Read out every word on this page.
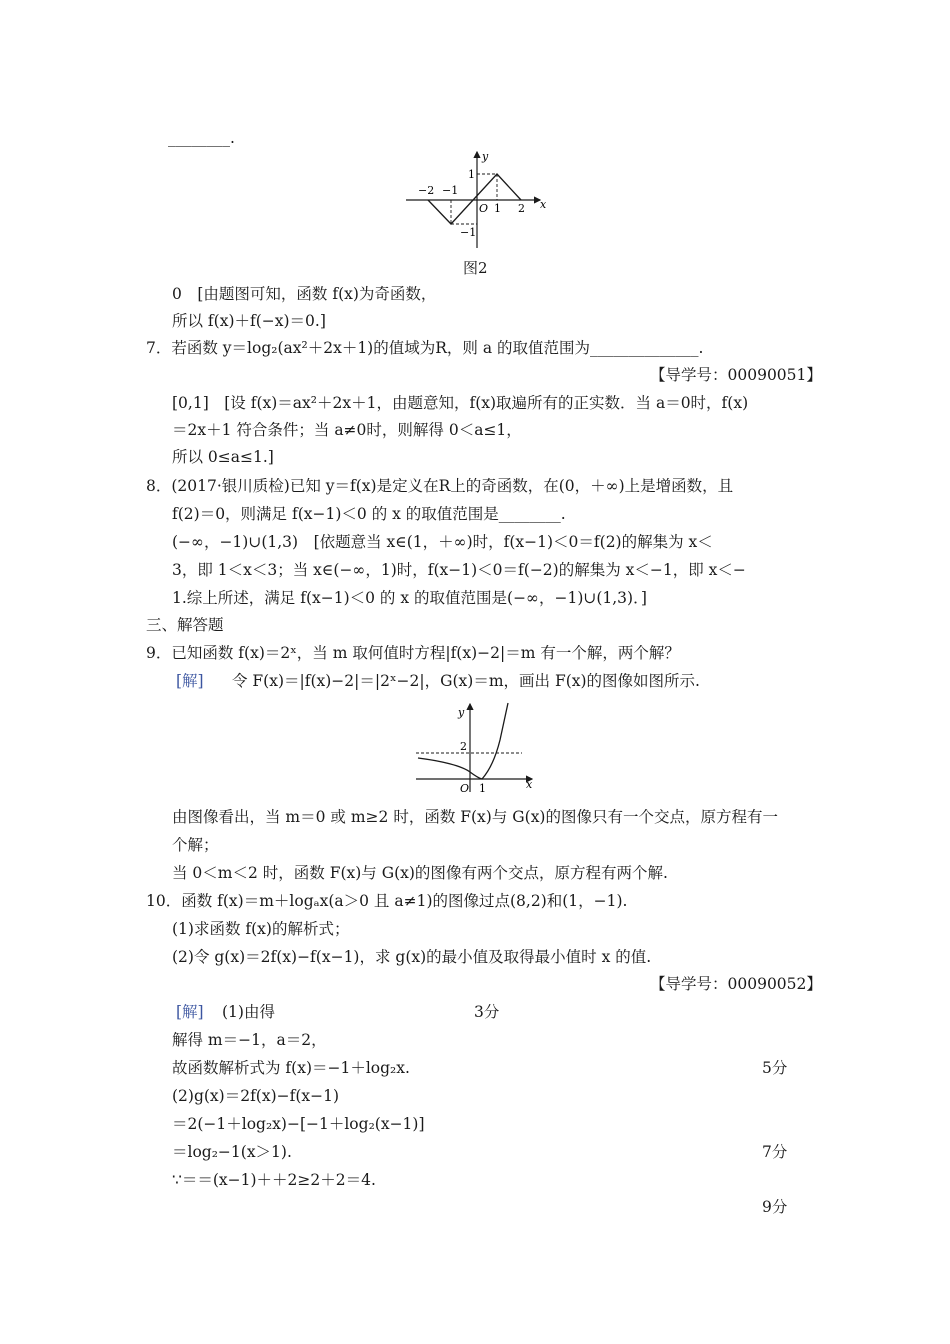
________.
y
x
O
−2 −1
1 2
1
−1
图2
0　[由题图可知，函数 f(x)为奇函数，
所以 f(x)＋f(−x)＝0.]
7．若函数 y＝log₂(ax²＋2x＋1)的值域为R，则 a 的取值范围为______________.
【导学号：00090051】
[0,1]　[设 f(x)＝ax²＋2x＋1，由题意知，f(x)取遍所有的正实数．当 a＝0时，f(x)
＝2x＋1 符合条件；当 a≠0时，则解得 0＜a≤1，
所以 0≤a≤1.]
8．(2017·银川质检)已知 y＝f(x)是定义在R上的奇函数，在(0，＋∞)上是增函数，且
f(2)＝0，则满足 f(x−1)＜0 的 x 的取值范围是________.
(−∞，−1)∪(1,3)　[依题意当 x∈(1，＋∞)时，f(x−1)＜0＝f(2)的解集为 x＜
3，即 1＜x＜3；当 x∈(−∞，1)时，f(x−1)＜0＝f(−2)的解集为 x＜−1，即 x＜−
1.综上所述，满足 f(x−1)＜0 的 x 的取值范围是(−∞，−1)∪(1,3)．]
三、解答题
9．已知函数 f(x)＝2ˣ，当 m 取何值时方程|f(x)−2|＝m 有一个解，两个解？
[解] 令 F(x)＝|f(x)−2|＝|2ˣ−2|，G(x)＝m，画出 F(x)的图像如图所示.
y
x
O
2
1
由图像看出，当 m＝0 或 m≥2 时，函数 F(x)与 G(x)的图像只有一个交点，原方程有一
个解；
当 0＜m＜2 时，函数 F(x)与 G(x)的图像有两个交点，原方程有两个解.
10．函数 f(x)＝m＋logₐx(a＞0 且 a≠1)的图像过点(8,2)和(1，−1).
(1)求函数 f(x)的解析式；
(2)令 g(x)＝2f(x)−f(x−1)，求 g(x)的最小值及取得最小值时 x 的值.
【导学号：00090052】
[解] (1)由得	3分
解得 m＝−1，a＝2，
故函数解析式为 f(x)＝−1＋log₂x.	5分
(2)g(x)＝2f(x)−f(x−1)
＝2(−1＋log₂x)−[−1＋log₂(x−1)]
＝log₂−1(x＞1).	7分
∵＝＝(x−1)＋＋2≥2＋2＝4.
9分
